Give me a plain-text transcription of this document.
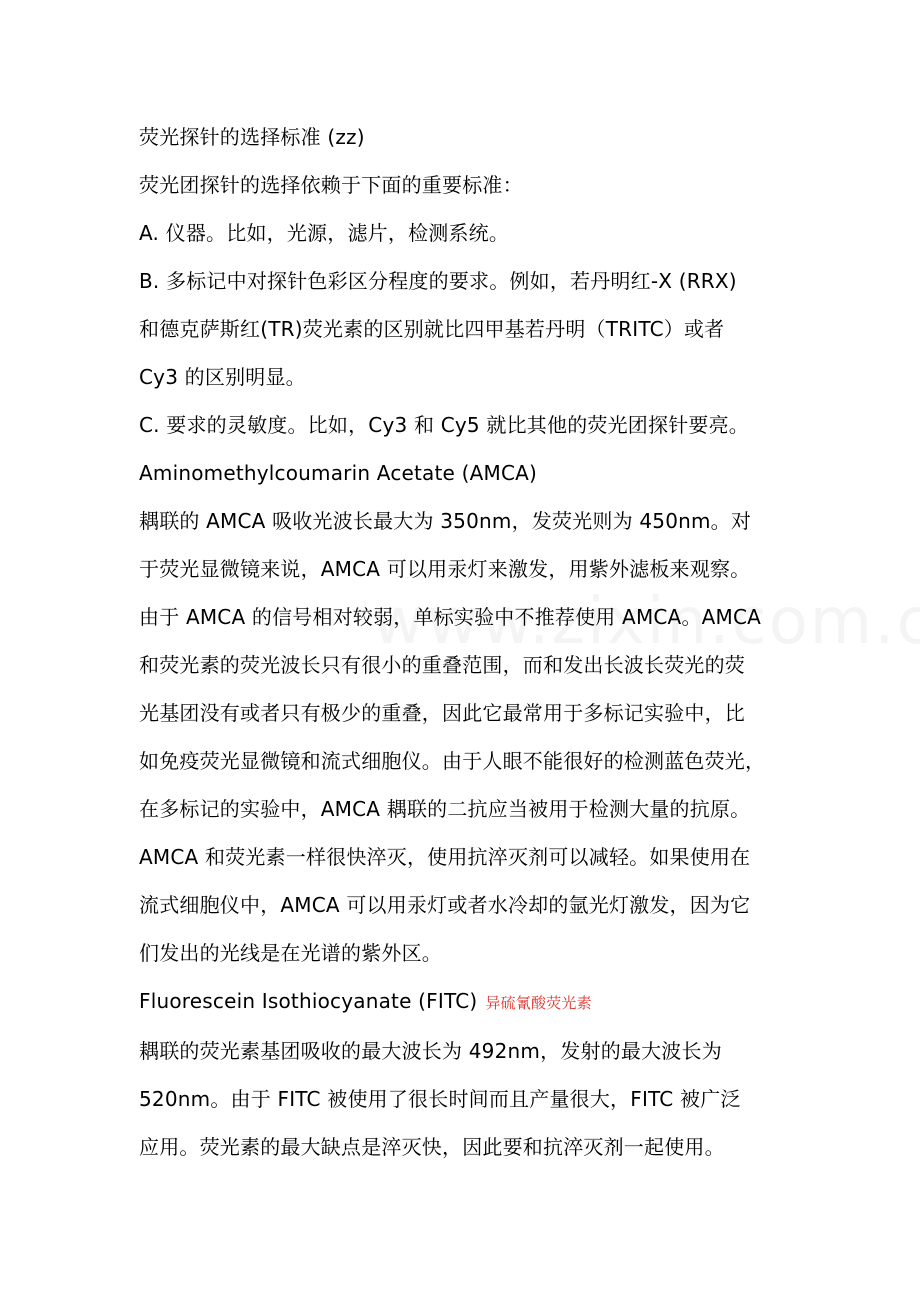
荧光探针的选择标准 (zz)

荧光团探针的选择依赖于下面的重要标准：

A. 仪器。比如，光源，滤片，检测系统。

B. 多标记中对探针色彩区分程度的要求。例如，若丹明红-X (RRX)
和德克萨斯红(TR)荧光素的区别就比四甲基若丹明（TRITC）或者
Cy3 的区别明显。

C. 要求的灵敏度。比如，Cy3 和 Cy5 就比其他的荧光团探针要亮。

Aminomethylcoumarin Acetate (AMCA)

耦联的 AMCA 吸收光波长最大为 350nm，发荧光则为 450nm。对
于荧光显微镜来说，AMCA 可以用汞灯来激发，用紫外滤板来观察。
由于 AMCA 的信号相对较弱，单标实验中不推荐使用 AMCA。AMCA
和荧光素的荧光波长只有很小的重叠范围，而和发出长波长荧光的荧
光基团没有或者只有极少的重叠，因此它最常用于多标记实验中，比
如免疫荧光显微镜和流式细胞仪。由于人眼不能很好的检测蓝色荧光，
在多标记的实验中，AMCA 耦联的二抗应当被用于检测大量的抗原。
AMCA 和荧光素一样很快淬灭，使用抗淬灭剂可以减轻。如果使用在
流式细胞仪中，AMCA 可以用汞灯或者水冷却的氩光灯激发，因为它
们发出的光线是在光谱的紫外区。

Fluorescein Isothiocyanate (FITC) 异硫氰酸荧光素

耦联的荧光素基团吸收的最大波长为 492nm，发射的最大波长为
520nm。由于 FITC 被使用了很长时间而且产量很大，FITC 被广泛
应用。荧光素的最大缺点是淬灭快，因此要和抗淬灭剂一起使用。
